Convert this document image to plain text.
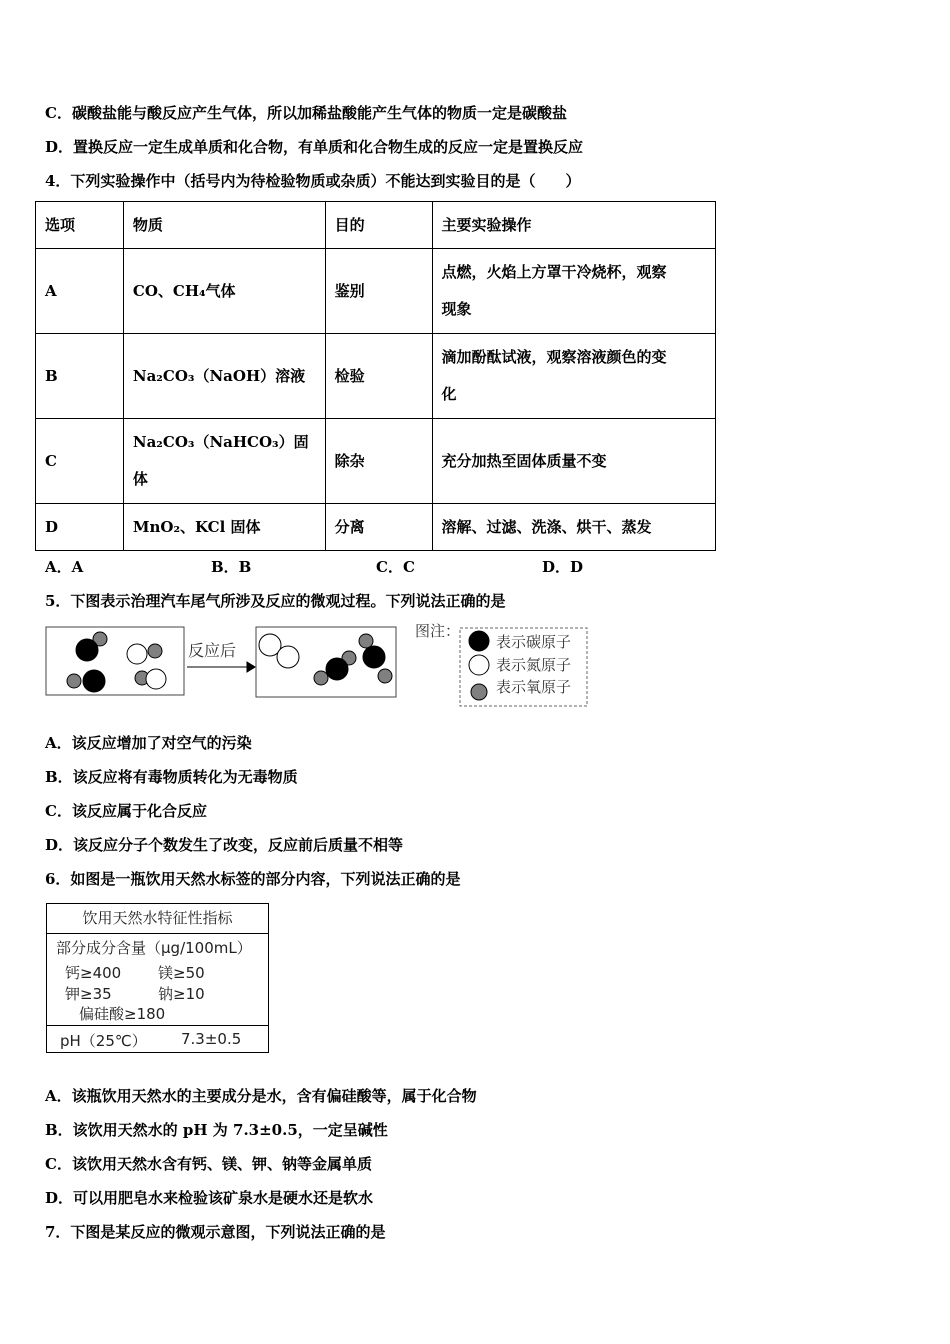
C．碳酸盐能与酸反应产生气体，所以加稀盐酸能产生气体的物质一定是碳酸盐
D．置换反应一定生成单质和化合物，有单质和化合物生成的反应一定是置换反应
4．下列实验操作中（括号内为待检验物质或杂质）不能达到实验目的是（　　）
选项	物质	目的	主要实验操作
A	CO、CH₄气体	鉴别	点燃，火焰上方罩干冷烧杯，观察
现象

B	Na₂CO₃（NaOH）溶液	检验	滴加酚酞试液，观察溶液颜色的变
化

C	Na₂CO₃（NaHCO₃）固
体	除杂	充分加热至固体质量不变
D	MnO₂、KCl 固体	分离	溶解、过滤、洗涤、烘干、蒸发
A．A	B．B	C．C	D．D
5．下图表示治理汽车尾气所涉及反应的微观过程。下列说法正确的是
反应后
图注：
表示碳原子
表示氮原子
表示氧原子
A．该反应增加了对空气的污染
B．该反应将有毒物质转化为无毒物质
C．该反应属于化合反应
D．该反应分子个数发生了改变，反应前后质量不相等
6．如图是一瓶饮用天然水标签的部分内容，下列说法正确的是
饮用天然水特征性指标
部分成分含量（μg/100mL）
钙≥400 镁≥50
钾≥35	钠≥10
偏硅酸≥180
pH（25℃） 7.3±0.5
A．该瓶饮用天然水的主要成分是水，含有偏硅酸等，属于化合物
B．该饮用天然水的 pH 为 7.3±0.5，一定呈碱性
C．该饮用天然水含有钙、镁、钾、钠等金属单质
D．可以用肥皂水来检验该矿泉水是硬水还是软水
7．下图是某反应的微观示意图，下列说法正确的是
